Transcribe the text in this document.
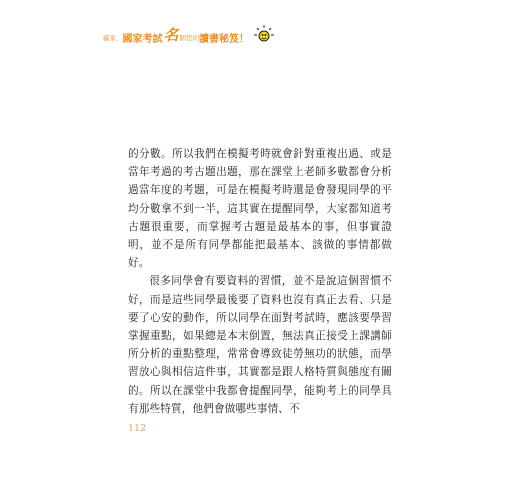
贏家， 國家考試 名 師您的 讀書秘笈！

的分數。所以我們在模擬考時就會針對重複出過、或是當年考過的考古題出題，那在課堂上老師多數都會分析過當年度的考題，可是在模擬考時還是會發現同學的平均分數拿不到一半，這其實在提醒同學，大家都知道考古題很重要，而掌握考古題是最基本的事，但事實證明，並不是所有同學都能把最基本、該做的事情都做好。

很多同學會有要資料的習慣，並不是說這個習慣不好，而是這些同學最後要了資料也沒有真正去看、只是要了心安的動作，所以同學在面對考試時，應該要學習掌握重點，如果總是本末倒置，無法真正接受上課講師所分析的重點整理，常常會導致徒勞無功的狀態，而學習放心與相信這件事，其實都是跟人格特質與態度有關的。所以在課堂中我都會提醒同學，能夠考上的同學具有那些特質，他們會做哪些事情、不

112
